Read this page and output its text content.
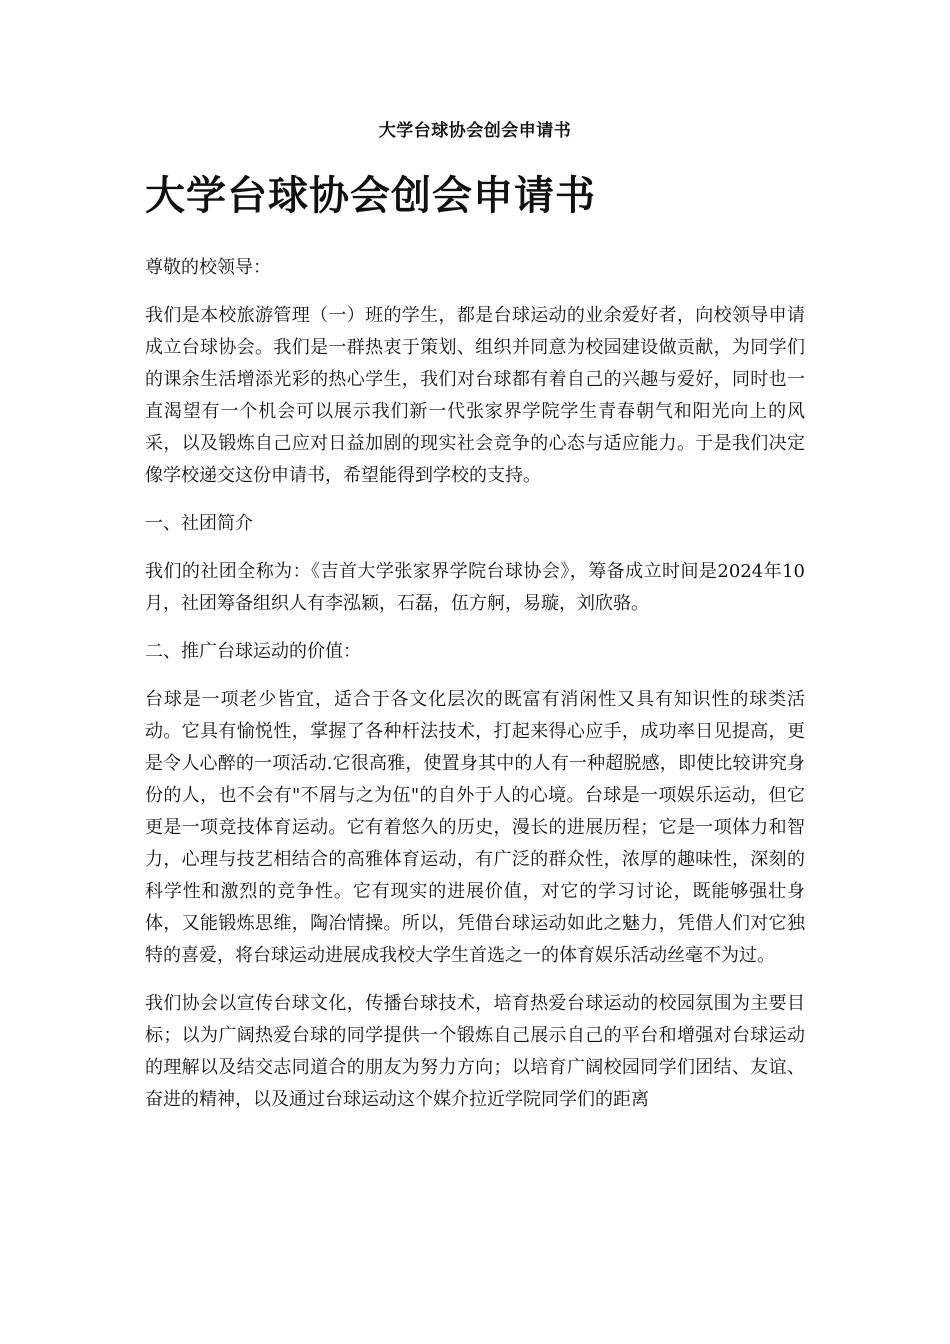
大学台球协会创会申请书
大学台球协会创会申请书

尊敬的校领导：

我们是本校旅游管理（一）班的学生，都是台球运动的业余爱好者，向校领导申请成立台球协会。我们是一群热衷于策划、组织并同意为校园建设做贡献，为同学们的课余生活增添光彩的热心学生，我们对台球都有着自己的兴趣与爱好，同时也一直渴望有一个机会可以展示我们新一代张家界学院学生青春朝气和阳光向上的风采，以及锻炼自己应对日益加剧的现实社会竞争的心态与适应能力。于是我们决定像学校递交这份申请书，希望能得到学校的支持。

一、社团简介

我们的社团全称为：《吉首大学张家界学院台球协会》，筹备成立时间是2024年10月，社团筹备组织人有李泓颖，石磊，伍方舸，易璇，刘欣骆。

二、推广台球运动的价值：

台球是一项老少皆宜，适合于各文化层次的既富有消闲性又具有知识性的球类活动。它具有愉悦性，掌握了各种杆法技术，打起来得心应手，成功率日见提高，更是令人心醉的一项活动.它很高雅，使置身其中的人有一种超脱感，即使比较讲究身份的人，也不会有"不屑与之为伍"的自外于人的心境。台球是一项娱乐运动，但它更是一项竞技体育运动。它有着悠久的历史，漫长的进展历程；它是一项体力和智力，心理与技艺相结合的高雅体育运动，有广泛的群众性，浓厚的趣味性，深刻的科学性和激烈的竞争性。它有现实的进展价值，对它的学习讨论，既能够强壮身体，又能锻炼思维，陶冶情操。所以，凭借台球运动如此之魅力，凭借人们对它独特的喜爱，将台球运动进展成我校大学生首选之一的体育娱乐活动丝毫不为过。

我们协会以宣传台球文化，传播台球技术，培育热爱台球运动的校园氛围为主要目标；以为广阔热爱台球的同学提供一个锻炼自己展示自己的平台和增强对台球运动的理解以及结交志同道合的朋友为努力方向；以培育广阔校园同学们团结、友谊、奋进的精神，以及通过台球运动这个媒介拉近学院同学们的距离
